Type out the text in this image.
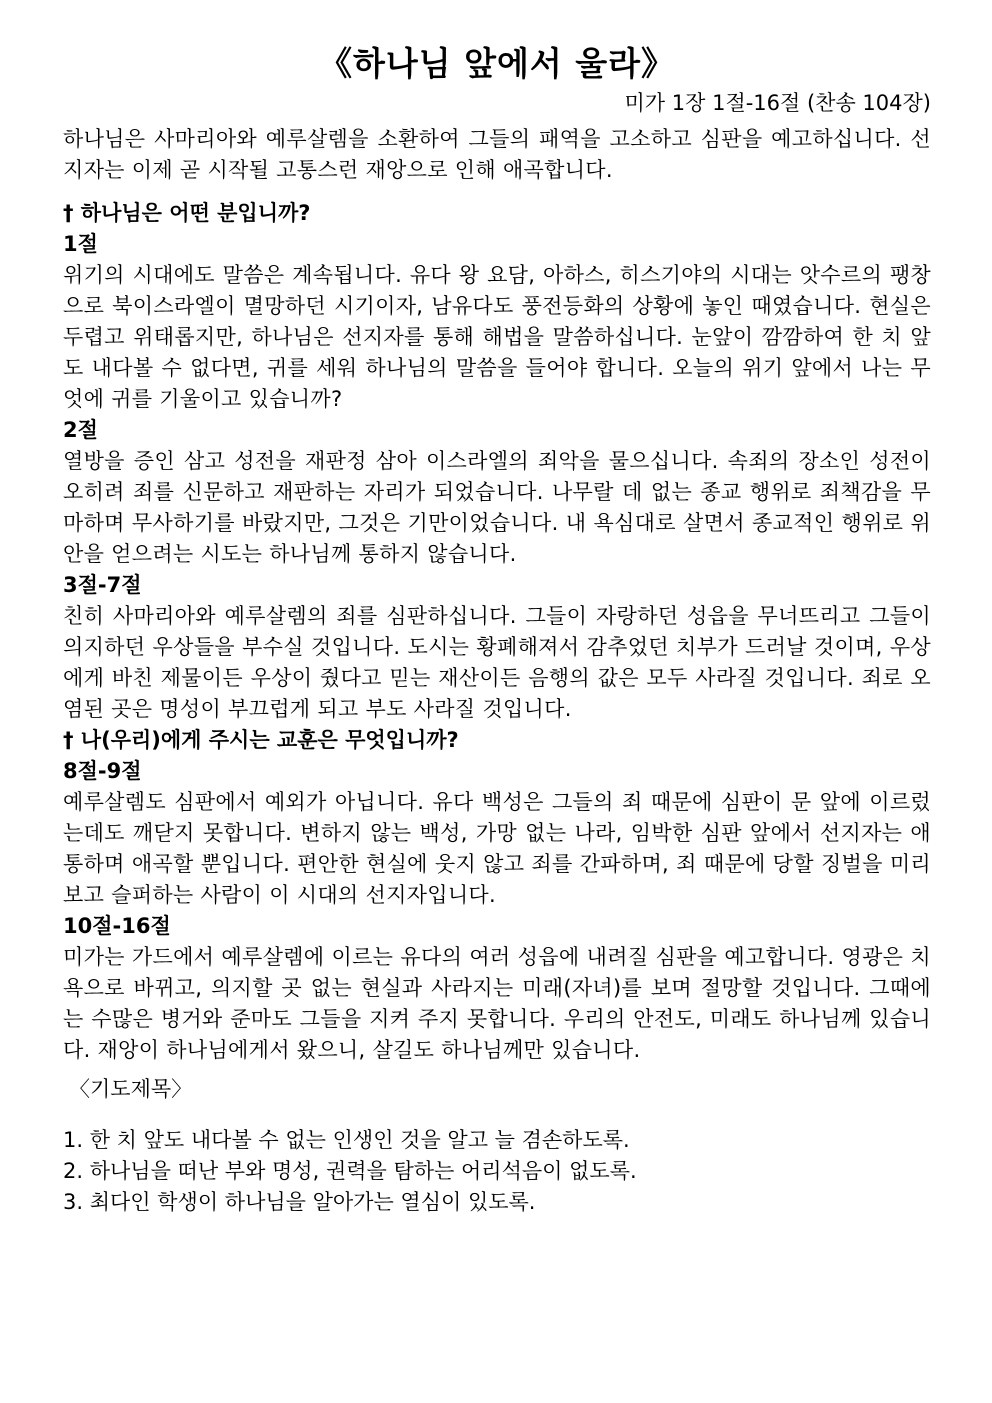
《하나님 앞에서 울라》

미가 1장 1절-16절 (찬송 104장)

하나님은 사마리아와 예루살렘을 소환하여 그들의 패역을 고소하고 심판을 예고하십니다. 선지자는 이제 곧 시작될 고통스런 재앙으로 인해 애곡합니다.

† 하나님은 어떤 분입니까?

1절

위기의 시대에도 말씀은 계속됩니다. 유다 왕 요담, 아하스, 히스기야의 시대는 앗수르의 팽창으로 북이스라엘이 멸망하던 시기이자, 남유다도 풍전등화의 상황에 놓인 때였습니다. 현실은 두렵고 위태롭지만, 하나님은 선지자를 통해 해법을 말씀하십니다. 눈앞이 깜깜하여 한 치 앞도 내다볼 수 없다면, 귀를 세워 하나님의 말씀을 들어야 합니다. 오늘의 위기 앞에서 나는 무엇에 귀를 기울이고 있습니까?

2절

열방을 증인 삼고 성전을 재판정 삼아 이스라엘의 죄악을 물으십니다. 속죄의 장소인 성전이 오히려 죄를 신문하고 재판하는 자리가 되었습니다. 나무랄 데 없는 종교 행위로 죄책감을 무마하며 무사하기를 바랐지만, 그것은 기만이었습니다. 내 욕심대로 살면서 종교적인 행위로 위안을 얻으려는 시도는 하나님께 통하지 않습니다.

3절-7절

친히 사마리아와 예루살렘의 죄를 심판하십니다. 그들이 자랑하던 성읍을 무너뜨리고 그들이 의지하던 우상들을 부수실 것입니다. 도시는 황폐해져서 감추었던 치부가 드러날 것이며, 우상에게 바친 제물이든 우상이 줬다고 믿는 재산이든 음행의 값은 모두 사라질 것입니다. 죄로 오염된 곳은 명성이 부끄럽게 되고 부도 사라질 것입니다.

† 나(우리)에게 주시는 교훈은 무엇입니까?

8절-9절

예루살렘도 심판에서 예외가 아닙니다. 유다 백성은 그들의 죄 때문에 심판이 문 앞에 이르렀는데도 깨닫지 못합니다. 변하지 않는 백성, 가망 없는 나라, 임박한 심판 앞에서 선지자는 애통하며 애곡할 뿐입니다. 편안한 현실에 웃지 않고 죄를 간파하며, 죄 때문에 당할 징벌을 미리 보고 슬퍼하는 사람이 이 시대의 선지자입니다.

10절-16절

미가는 가드에서 예루살렘에 이르는 유다의 여러 성읍에 내려질 심판을 예고합니다. 영광은 치욕으로 바뀌고, 의지할 곳 없는 현실과 사라지는 미래(자녀)를 보며 절망할 것입니다. 그때에는 수많은 병거와 준마도 그들을 지켜 주지 못합니다. 우리의 안전도, 미래도 하나님께 있습니다. 재앙이 하나님에게서 왔으니, 살길도 하나님께만 있습니다.

〈기도제목〉

1. 한 치 앞도 내다볼 수 없는 인생인 것을 알고 늘 겸손하도록.
2. 하나님을 떠난 부와 명성, 권력을 탐하는 어리석음이 없도록.
3. 최다인 학생이 하나님을 알아가는 열심이 있도록.
